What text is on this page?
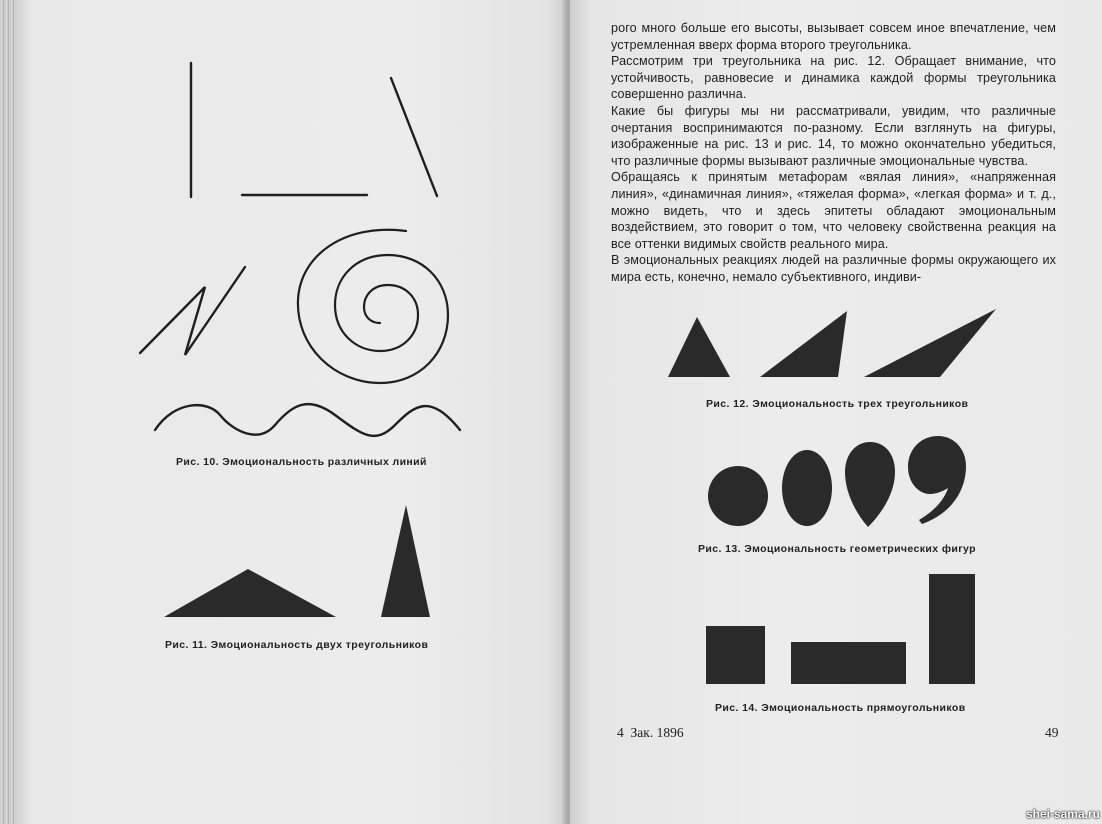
Рис. 10. Эмоциональность различных линий
Рис. 11. Эмоциональность двух треугольников

рого много больше его высоты, вызывает совсем иное впечатление, чем устремленная вверх форма второго треугольника.

Рассмотрим три треугольника на рис. 12. Обращает внимание, что устойчивость, равновесие и динамика каждой формы треугольника совершенно различна.

Какие бы фигуры мы ни рассматривали, увидим, что различные очертания воспринимаются по-разному. Если взглянуть на фигуры, изображенные на рис. 13 и рис. 14, то можно окончательно убедиться, что различные формы вызывают различные эмоциональные чувства.

Обращаясь к принятым метафорам «вялая линия», «напряженная линия», «динамичная линия», «тяжелая форма», «легкая форма» и т. д., можно видеть, что и здесь эпитеты обладают эмоциональным воздействием, это говорит о том, что человеку свойственна реакция на все оттенки видимых свойств реального мира.

В эмоциональных реакциях людей на различные формы окружающего их мира есть, конечно, немало субъективного, индиви-

Рис. 12. Эмоциональность трех треугольников
Рис. 13. Эмоциональность геометрических фигур
Рис. 14. Эмоциональность прямоугольников
4  Зак. 1896	49
shei-sama.ru
